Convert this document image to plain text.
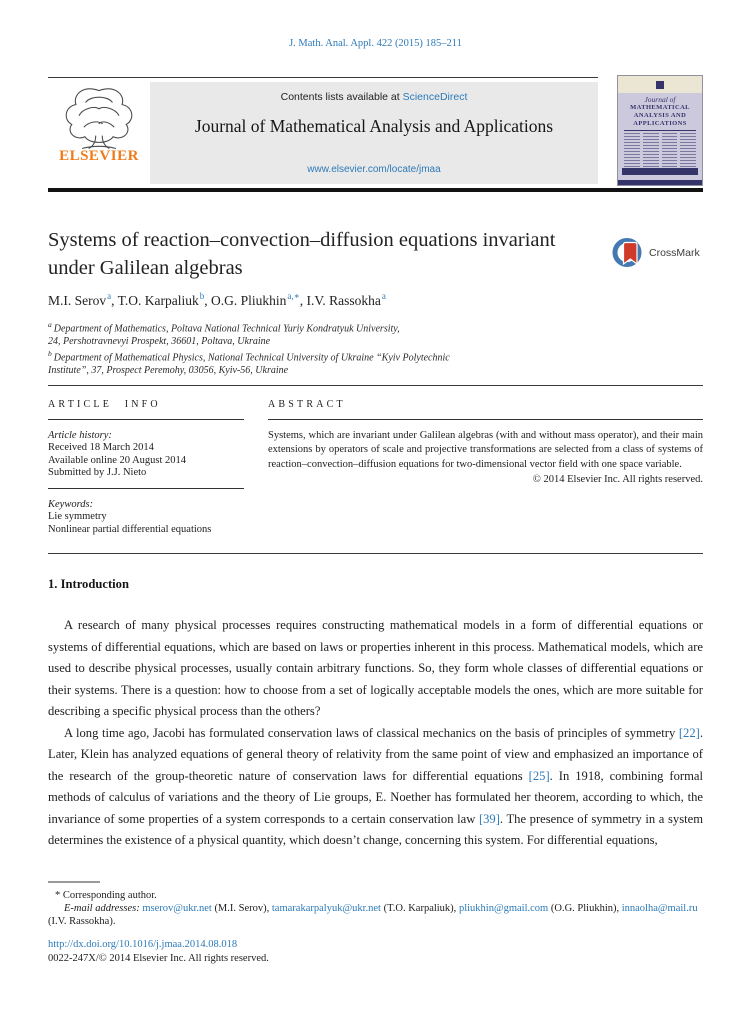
J. Math. Anal. Appl. 422 (2015) 185–211
ELSEVIER
Contents lists available at ScienceDirect
Journal of Mathematical Analysis and Applications
www.elsevier.com/locate/jmaa
Journal of
MATHEMATICAL
ANALYSIS AND
APPLICATIONS
Systems of reaction–convection–diffusion equations invariant
under Galilean algebras
CrossMark
M.I. Serov$^a$, T.O. Karpaliuk$^b$, O.G. Pliukhin$^{a,∗}$, I.V. Rassokha$^a$
$^a$ Department of Mathematics, Poltava National Technical Yuriy Kondratyuk University,
24, Pershotravnevyi Prospekt, 36601, Poltava, Ukraine
$^b$ Department of Mathematical Physics, National Technical University of Ukraine “Kyiv Polytechnic
Institute”, 37, Prospect Peremohy, 03056, Kyiv-56, Ukraine
ARTICLE INFO
Article history:
Received 18 March 2014
Available online 20 August 2014
Submitted by J.J. Nieto
Keywords:
Lie symmetry
Nonlinear partial differential equations
ABSTRACT
Systems, which are invariant under Galilean algebras (with and without mass operator), and their main extensions by operators of scale and projective transformations are selected from a class of systems of reaction–convection–diffusion equations for two-dimensional vector field with one space variable.
© 2014 Elsevier Inc. All rights reserved.
1. Introduction

A research of many physical processes requires constructing mathematical models in a form of differential equations or systems of differential equations, which are based on laws or properties inherent in this process. Mathematical models, which are used to describe physical processes, usually contain arbitrary functions. So, they form whole classes of differential equations or their systems. There is a question: how to choose from a set of logically acceptable models the ones, which are more suitable for describing a specific physical process than the others?

A long time ago, Jacobi has formulated conservation laws of classical mechanics on the basis of principles of symmetry [22]. Later, Klein has analyzed equations of general theory of relativity from the same point of view and emphasized an importance of the research of the group-theoretic nature of conservation laws for differential equations [25]. In 1918, combining formal methods of calculus of variations and the theory of Lie groups, E. Noether has formulated her theorem, according to which, the invariance of some properties of a system corresponds to a certain conservation law [39]. The presence of symmetry in a system determines the existence of a physical quantity, which doesn’t change, concerning this system. For differential equations,

* Corresponding author.

E-mail addresses: mserov@ukr.net (M.I. Serov), tamarakarpalyuk@ukr.net (T.O. Karpaliuk), pliukhin@gmail.com (O.G. Pliukhin), innaolha@mail.ru (I.V. Rassokha).

http://dx.doi.org/10.1016/j.jmaa.2014.08.018
0022-247X/© 2014 Elsevier Inc. All rights reserved.
